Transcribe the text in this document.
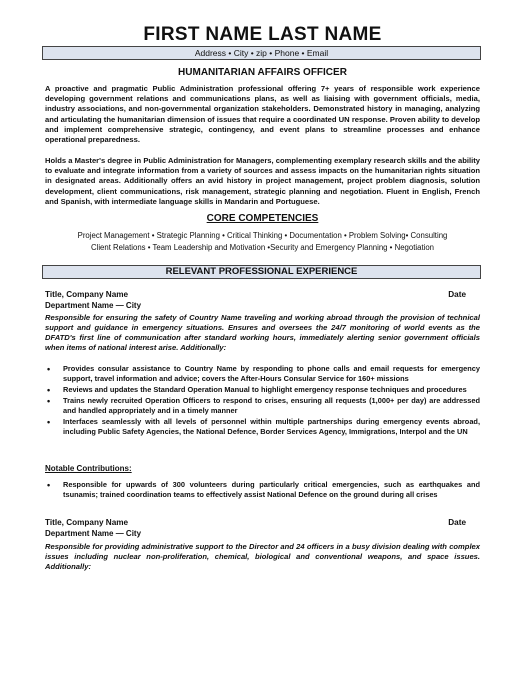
FIRST NAME LAST NAME
Address • City • zip • Phone • Email
HUMANITARIAN AFFAIRS OFFICER
A proactive and pragmatic Public Administration professional offering 7+ years of responsible work experience developing government relations and communications plans, as well as liaising with government officials, media, industry associations, and non-governmental organization stakeholders. Demonstrated history in managing, analyzing and articulating the humanitarian dimension of issues that require a coordinated UN response. Proven ability to develop and implement comprehensive strategic, contingency, and event plans to streamline processes and enhance operational preparedness.
Holds a Master's degree in Public Administration for Managers, complementing exemplary research skills and the ability to evaluate and integrate information from a variety of sources and assess impacts on the humanitarian rights situation in designated areas. Additionally offers an avid history in project management, project problem diagnosis, solution development, client communications, risk management, strategic planning and negotiation. Fluent in English, French and Spanish, with intermediate language skills in Mandarin and Portuguese.
CORE COMPETENCIES
Project Management • Strategic Planning • Critical Thinking • Documentation • Problem Solving• Consulting
Client Relations • Team Leadership and Motivation •Security and Emergency Planning • Negotiation
RELEVANT PROFESSIONAL EXPERIENCE
Title, Company Name	Date
Department Name — City
Responsible for ensuring the safety of Country Name traveling and working abroad through the provision of technical support and guidance in emergency situations. Ensures and oversees the 24/7 monitoring of world events as the DFATD's first line of communication after standard working hours, immediately alerting senior government officials when items of national interest arise. Additionally:
• Provides consular assistance to Country Name by responding to phone calls and email requests for emergency support, travel information and advice; covers the After-Hours Consular Service for 160+ missions
• Reviews and updates the Standard Operation Manual to highlight emergency response techniques and procedures
• Trains newly recruited Operation Officers to respond to crises, ensuring all requests (1,000+ per day) are addressed and handled appropriately and in a timely manner
• Interfaces seamlessly with all levels of personnel within multiple partnerships during emergency events abroad, including Public Safety Agencies, the National Defence, Border Services Agency, Immigrations, Interpol and the UN
Notable Contributions:
• Responsible for upwards of 300 volunteers during particularly critical emergencies, such as earthquakes and tsunamis; trained coordination teams to effectively assist National Defence on the ground during all crises
Title, Company Name	Date
Department Name — City
Responsible for providing administrative support to the Director and 24 officers in a busy division dealing with complex issues including nuclear non-proliferation, chemical, biological and conventional weapons, and space issues. Additionally:
